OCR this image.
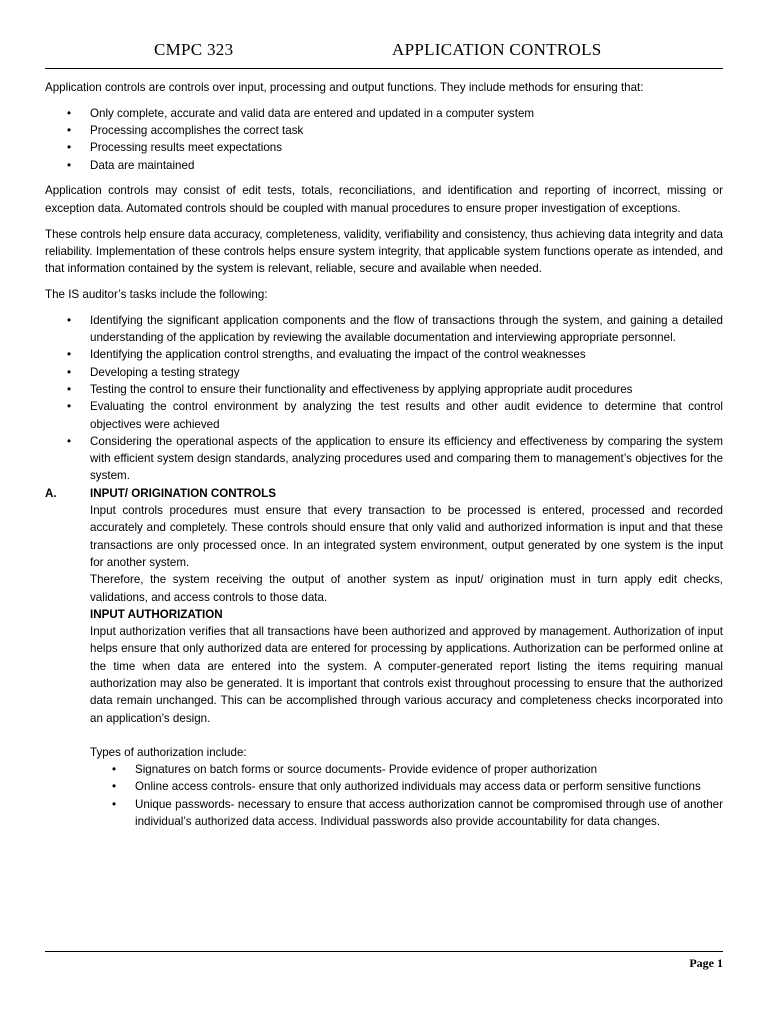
CMPC 323	APPLICATION CONTROLS

Application controls are controls over input, processing and output functions. They include methods for ensuring that:

• Only complete, accurate and valid data are entered and updated in a computer system
• Processing accomplishes the correct task
• Processing results meet expectations
• Data are maintained

Application controls may consist of edit tests, totals, reconciliations, and identification and reporting of incorrect, missing or exception data. Automated controls should be coupled with manual procedures to ensure proper investigation of exceptions.

These controls help ensure data accuracy, completeness, validity, verifiability and consistency, thus achieving data integrity and data reliability. Implementation of these controls helps ensure system integrity, that applicable system functions operate as intended, and that information contained by the system is relevant, reliable, secure and available when needed.

The IS auditor’s tasks include the following:

• Identifying the significant application components and the flow of transactions through the system, and gaining a detailed understanding of the application by reviewing the available documentation and interviewing appropriate personnel.
• Identifying the application control strengths, and evaluating the impact of the control weaknesses
• Developing a testing strategy
• Testing the control to ensure their functionality and effectiveness by applying appropriate audit procedures
• Evaluating the control environment by analyzing the test results and other audit evidence to determine that control objectives were achieved
• Considering the operational aspects of the application to ensure its efficiency and effectiveness by comparing the system with efficient system design standards, analyzing procedures used and comparing them to management’s objectives for the system.
A.	INPUT/ ORIGINATION CONTROLS

Input controls procedures must ensure that every transaction to be processed is entered, processed and recorded accurately and completely. These controls should ensure that only valid and authorized information is input and that these transactions are only processed once. In an integrated system environment, output generated by one system is the input for another system.

Therefore, the system receiving the output of another system as input/ origination must in turn apply edit checks, validations, and access controls to those data.

INPUT AUTHORIZATION

Input authorization verifies that all transactions have been authorized and approved by management. Authorization of input helps ensure that only authorized data are entered for processing by applications. Authorization can be performed online at the time when data are entered into the system. A computer-generated report listing the items requiring manual authorization may also be generated. It is important that controls exist throughout processing to ensure that the authorized data remain unchanged. This can be accomplished through various accuracy and completeness checks incorporated into an application’s design.

Types of authorization include:

• Signatures on batch forms or source documents- Provide evidence of proper authorization
• Online access controls- ensure that only authorized individuals may access data or perform sensitive functions
• Unique passwords- necessary to ensure that access authorization cannot be compromised through use of another individual’s authorized data access. Individual passwords also provide accountability for data changes.
Page 1
